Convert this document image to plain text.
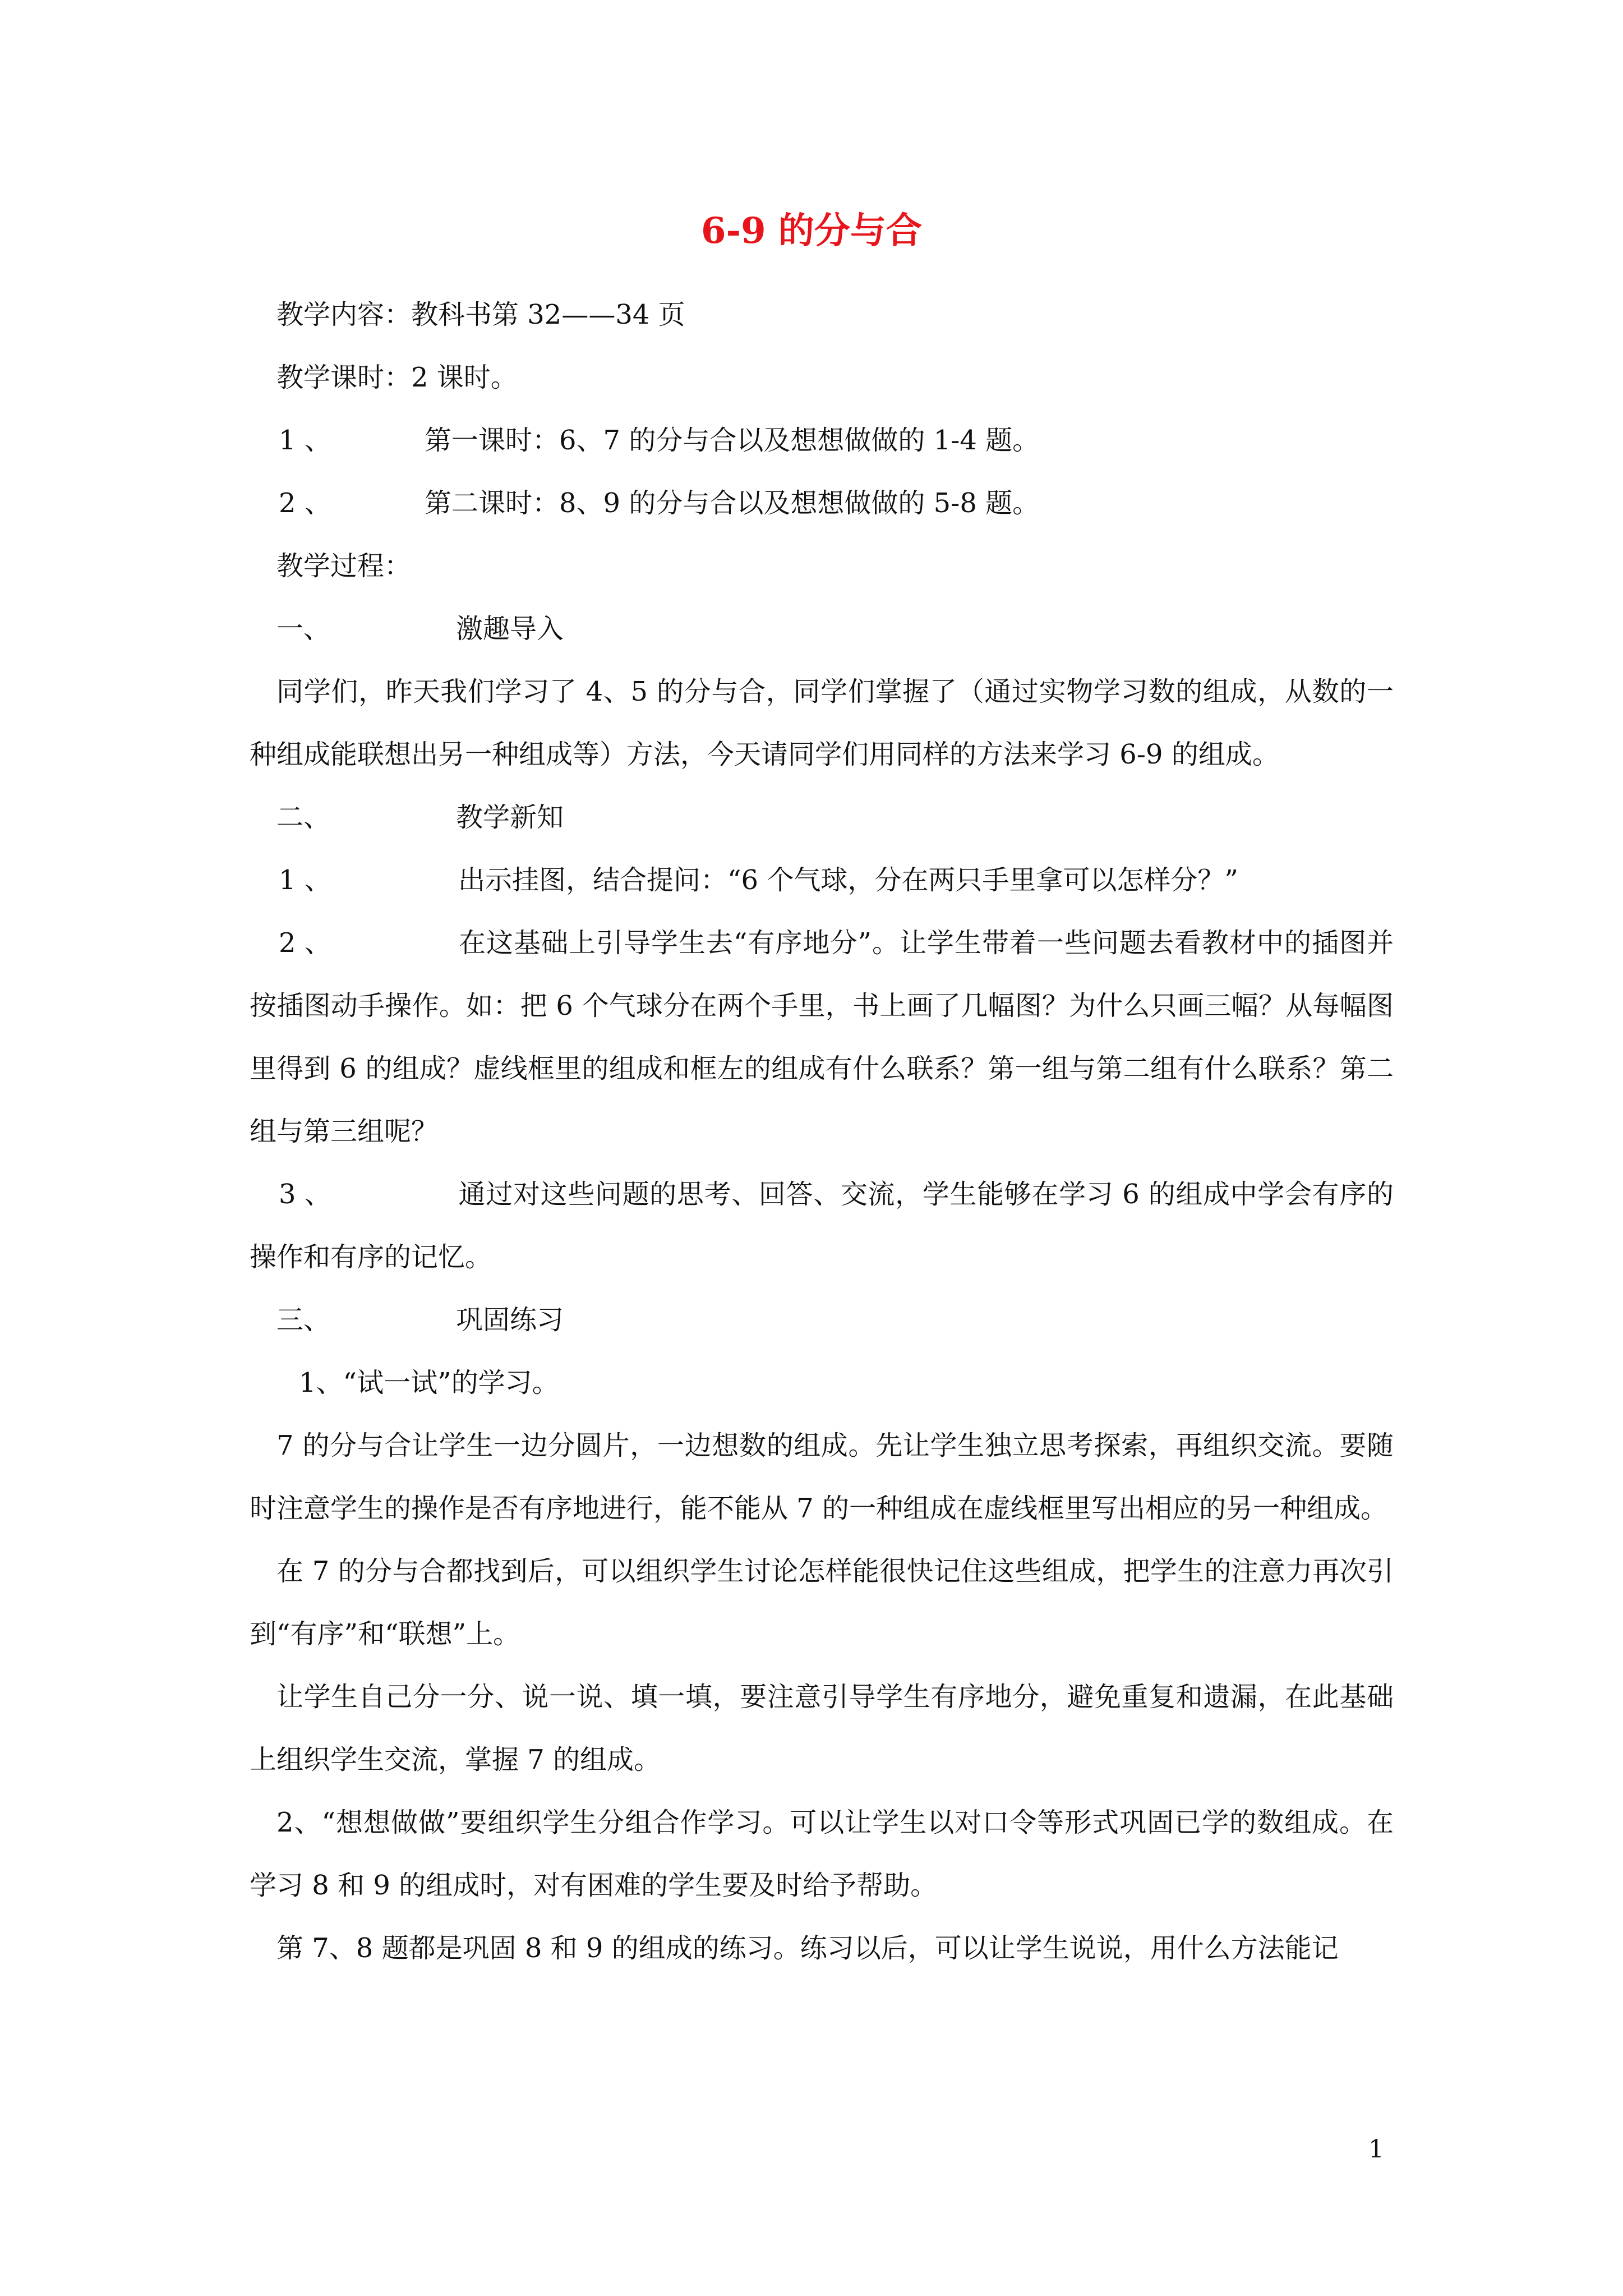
6-9 的分与合

教学内容：教科书第 32——34 页

教学课时：2 课时。

1 、	第一课时：6、7 的分与合以及想想做做的 1-4 题。

2 、	第二课时：8、9 的分与合以及想想做做的 5-8 题。

教学过程：

一、	激趣导入

同学们，昨天我们学习了 4、5 的分与合，同学们掌握了（通过实物学习数的组成，从数的一种组成能联想出另一种组成等）方法，今天请同学们用同样的方法来学习 6-9 的组成。

二、	教学新知

1 、	出示挂图，结合提问：“6 个气球，分在两只手里拿可以怎样分？”

2 、	在这基础上引导学生去“有序地分”。让学生带着一些问题去看教材中的插图并按插图动手操作。如：把 6 个气球分在两个手里，书上画了几幅图？为什么只画三幅？从每幅图里得到 6 的组成？虚线框里的组成和框左的组成有什么联系？第一组与第二组有什么联系？第二组与第三组呢？

3 、	通过对这些问题的思考、回答、交流，学生能够在学习 6 的组成中学会有序的操作和有序的记忆。

三、	巩固练习

1、“试一试”的学习。

7 的分与合让学生一边分圆片，一边想数的组成。先让学生独立思考探索，再组织交流。要随时注意学生的操作是否有序地进行，能不能从 7 的一种组成在虚线框里写出相应的另一种组成。

在 7 的分与合都找到后，可以组织学生讨论怎样能很快记住这些组成，把学生的注意力再次引到“有序”和“联想”上。

让学生自己分一分、说一说、填一填，要注意引导学生有序地分，避免重复和遗漏，在此基础上组织学生交流，掌握 7 的组成。

2、“想想做做”要组织学生分组合作学习。可以让学生以对口令等形式巩固已学的数组成。在学习 8 和 9 的组成时，对有困难的学生要及时给予帮助。

第 7、8 题都是巩固 8 和 9 的组成的练习。练习以后，可以让学生说说，用什么方法能记

1
